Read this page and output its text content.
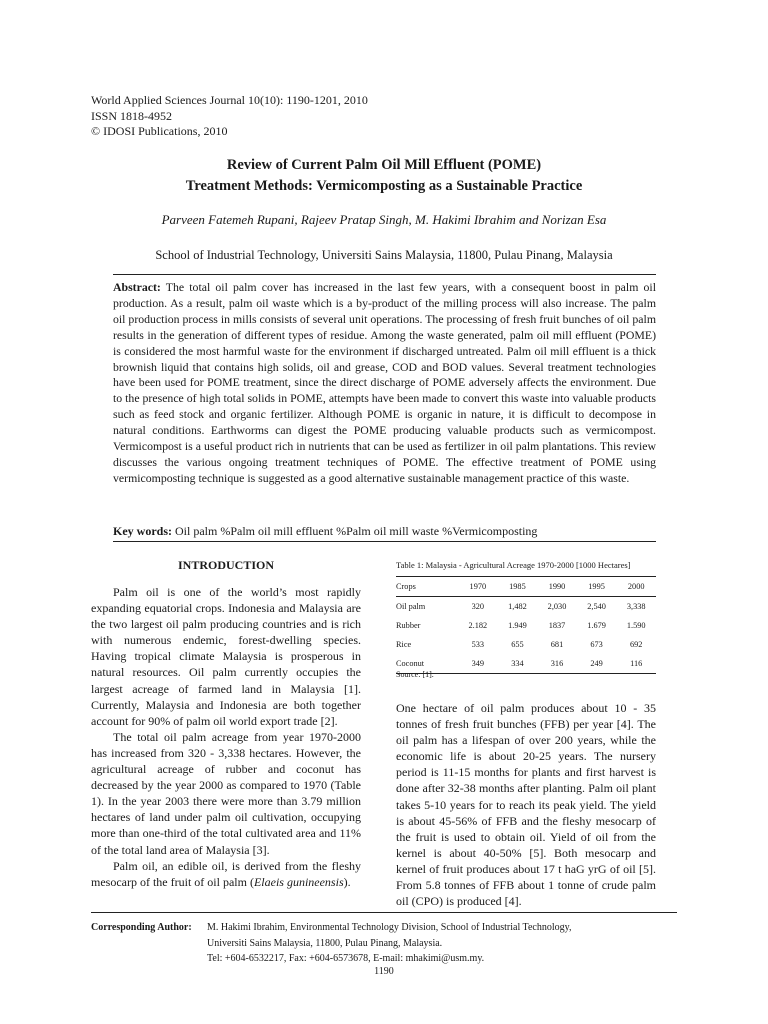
World Applied Sciences Journal 10(10): 1190-1201, 2010
ISSN 1818-4952
© IDOSI Publications, 2010
Review of Current Palm Oil Mill Effluent (POME)
Treatment Methods: Vermicomposting as a Sustainable Practice
Parveen Fatemeh Rupani, Rajeev Pratap Singh, M. Hakimi Ibrahim and Norizan Esa
School of Industrial Technology, Universiti Sains Malaysia, 11800, Pulau Pinang, Malaysia
Abstract: The total oil palm cover has increased in the last few years, with a consequent boost in palm oil production. As a result, palm oil waste which is a by-product of the milling process will also increase. The palm oil production process in mills consists of several unit operations. The processing of fresh fruit bunches of oil palm results in the generation of different types of residue. Among the waste generated, palm oil mill effluent (POME) is considered the most harmful waste for the environment if discharged untreated. Palm oil mill effluent is a thick brownish liquid that contains high solids, oil and grease, COD and BOD values. Several treatment technologies have been used for POME treatment, since the direct discharge of POME adversely affects the environment. Due to the presence of high total solids in POME, attempts have been made to convert this waste into valuable products such as feed stock and organic fertilizer. Although POME is organic in nature, it is difficult to decompose in natural conditions. Earthworms can digest the POME producing valuable products such as vermicompost. Vermicompost is a useful product rich in nutrients that can be used as fertilizer in oil palm plantations. This review discusses the various ongoing treatment techniques of POME. The effective treatment of POME using vermicomposting technique is suggested as a good alternative sustainable management practice of this waste.
Key words: Oil palm %Palm oil mill effluent %Palm oil mill waste %Vermicomposting
INTRODUCTION

Palm oil is one of the world’s most rapidly expanding equatorial crops. Indonesia and Malaysia are the two largest oil palm producing countries and is rich with numerous endemic, forest-dwelling species. Having tropical climate Malaysia is prosperous in natural resources. Oil palm currently occupies the largest acreage of farmed land in Malaysia [1]. Currently, Malaysia and Indonesia are both together account for 90% of palm oil world export trade [2].

The total oil palm acreage from year 1970-2000 has increased from 320 - 3,338 hectares. However, the agricultural acreage of rubber and coconut has decreased by the year 2000 as compared to 1970 (Table 1). In the year 2003 there were more than 3.79 million hectares of land under palm oil cultivation, occupying more than one-third of the total cultivated area and 11% of the total land area of Malaysia [3].

Palm oil, an edible oil, is derived from the fleshy mesocarp of the fruit of oil palm (Elaeis gunineensis).

Table 1: Malaysia - Agricultural Acreage 1970-2000 [1000 Hectares]
Crops	1970	1985	1990	1995	2000
Oil palm	320	1,482	2,030	2,540	3,338
Rubber	2.182	1.949	1837	1.679	1.590
Rice	533	655	681	673	692
Coconut	349	334	316	249	116
Source: [1].

One hectare of oil palm produces about 10 - 35 tonnes of fresh fruit bunches (FFB) per year [4]. The oil palm has a lifespan of over 200 years, while the economic life is about 20-25 years. The nursery period is 11-15 months for plants and first harvest is done after 32-38 months after planting. Palm oil plant takes 5-10 years for to reach its peak yield. The yield is about 45-56% of FFB and the fleshy mesocarp of the fruit is used to obtain oil. Yield of oil from the kernel is about 40-50% [5]. Both mesocarp and kernel of fruit produces about 17 t haG yrG of oil [5]. From 5.8 tonnes of FFB about 1 tonne of crude palm oil (CPO) is produced [4].

Corresponding Author: M. Hakimi Ibrahim, Environmental Technology Division, School of Industrial Technology,
Universiti Sains Malaysia, 11800, Pulau Pinang, Malaysia.
Tel: +604-6532217, Fax: +604-6573678, E-mail: mhakimi@usm.my.
1190
